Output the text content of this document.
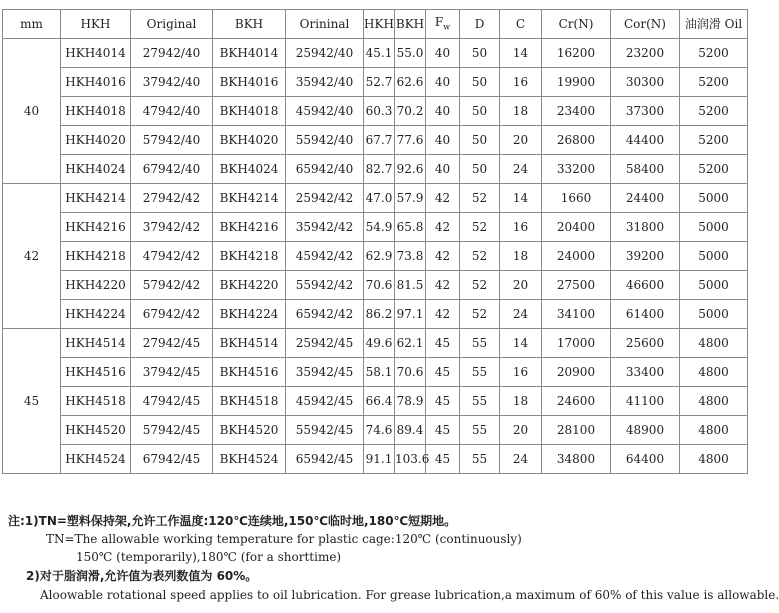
mm	HKH	Original	BKH	Orininal	HKH	BKH	$F_w$	D	C	Cr(N)	Cor(N)	油润滑 Oil
40	HKH4014	27942/40	BKH4014	25942/40	45.1	55.0	40	50	14	16200	23200	5200
	HKH4016	37942/40	BKH4016	35942/40	52.7	62.6	40	50	16	19900	30300	5200
	HKH4018	47942/40	BKH4018	45942/40	60.3	70.2	40	50	18	23400	37300	5200
	HKH4020	57942/40	BKH4020	55942/40	67.7	77.6	40	50	20	26800	44400	5200
	HKH4024	67942/40	BKH4024	65942/40	82.7	92.6	40	50	24	33200	58400	5200
42	HKH4214	27942/42	BKH4214	25942/42	47.0	57.9	42	52	14	1660	24400	5000
	HKH4216	37942/42	BKH4216	35942/42	54.9	65.8	42	52	16	20400	31800	5000
	HKH4218	47942/42	BKH4218	45942/42	62.9	73.8	42	52	18	24000	39200	5000
	HKH4220	57942/42	BKH4220	55942/42	70.6	81.5	42	52	20	27500	46600	5000
	HKH4224	67942/42	BKH4224	65942/42	86.2	97.1	42	52	24	34100	61400	5000
45	HKH4514	27942/45	BKH4514	25942/45	49.6	62.1	45	55	14	17000	25600	4800
	HKH4516	37942/45	BKH4516	35942/45	58.1	70.6	45	55	16	20900	33400	4800
	HKH4518	47942/45	BKH4518	45942/45	66.4	78.9	45	55	18	24600	41100	4800
	HKH4520	57942/45	BKH4520	55942/45	74.6	89.4	45	55	20	28100	48900	4800
	HKH4524	67942/45	BKH4524	65942/45	91.1	103.6	45	55	24	34800	64400	4800
注:1)TN=塑料保持架,允许工作温度:120℃连续地,150℃临时地,180℃短期地。
TN=The allowable working temperature for plastic cage:120℃ (continuously)
150℃ (temporarily),180℃ (for a shorttime)
2)对于脂润滑,允许值为表列数值为 60%。
Aloowable rotational speed applies to oil lubrication. For grease lubrication,a maximum of 60% of this value is allowable.
